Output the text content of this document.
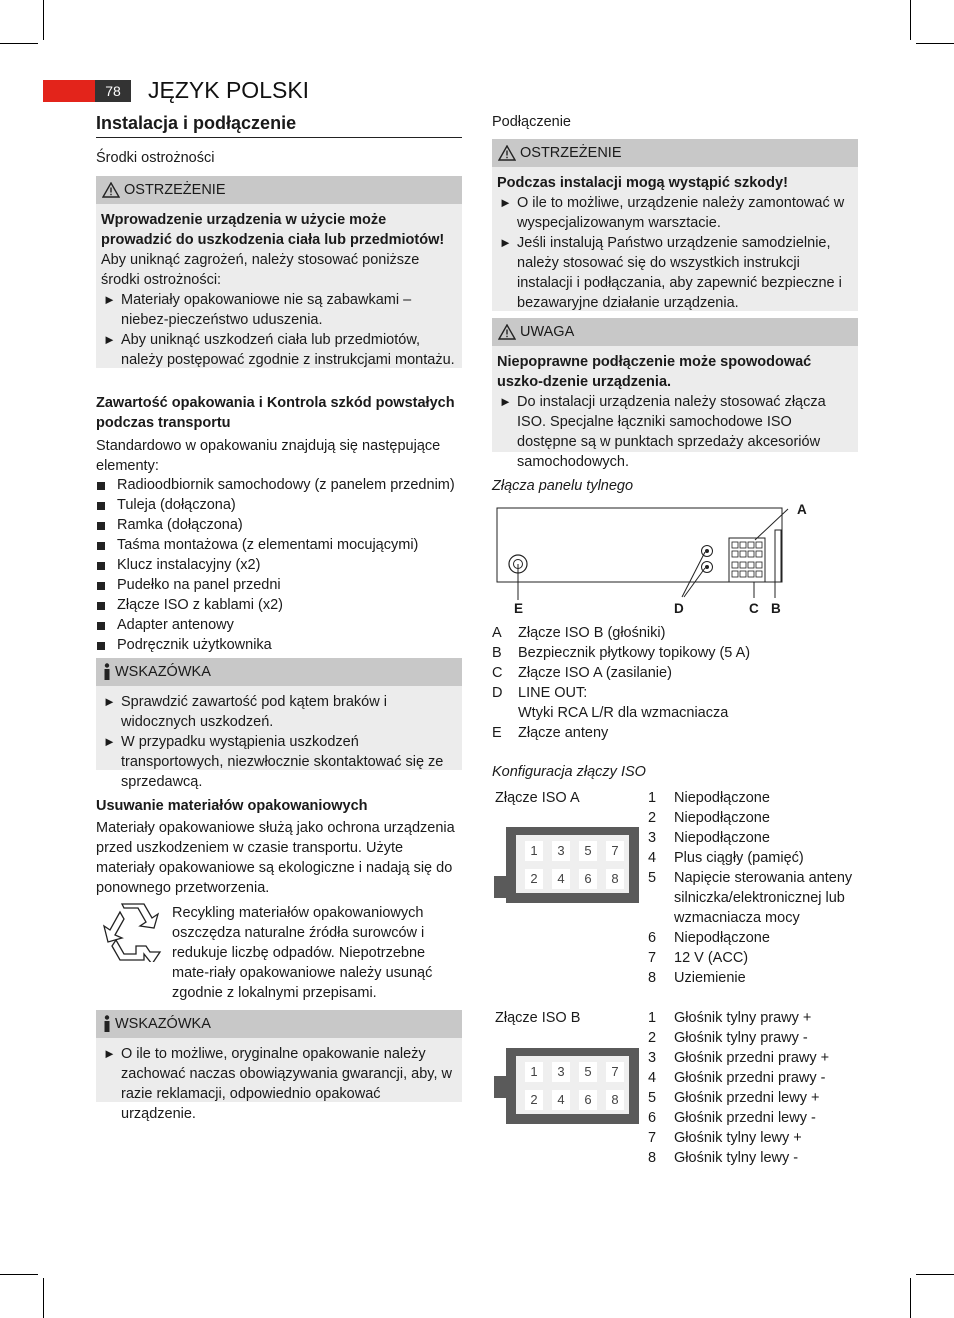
78	JĘZYK POLSKI
Instalacja i podłączenie
Środki ostrożności
OSTRZEŻENIE
Wprowadzenie urządzenia w użycie może prowadzić do uszkodzenia ciała lub przedmiotów!
Aby uniknąć zagrożeń, należy stosować poniższe środki ostrożności:
► Materiały opakowaniowe nie są zabawkami – niebez-pieczeństwo uduszenia.
► Aby uniknąć uszkodzeń ciała lub przedmiotów, należy postępować zgodnie z instrukcjami montażu.
Zawartość opakowania i Kontrola szkód powstałych podczas transportu
Standardowo w opakowaniu znajdują się następujące elementy:
Radioodbiornik samochodowy (z panelem przednim)
Tuleja (dołączona)
Ramka (dołączona)
Taśma montażowa (z elementami mocującymi)
Klucz instalacyjny (x2)
Pudełko na panel przedni
Złącze ISO z kablami (x2)
Adapter antenowy
Podręcznik użytkownika
WSKAZÓWKA
► Sprawdzić zawartość pod kątem braków i widocznych uszkodzeń.
► W przypadku wystąpienia uszkodzeń transportowych, niezwłocznie skontaktować się ze sprzedawcą.
Usuwanie materiałów opakowaniowych
Materiały opakowaniowe służą jako ochrona urządzenia przed uszkodzeniem w czasie transportu. Użyte materiały opakowaniowe są ekologiczne i nadają się do ponownego przetworzenia.
Recykling materiałów opakowaniowych oszczędza naturalne źródła surowców i redukuje liczbę odpadów. Niepotrzebne mate-riały opakowaniowe należy usunąć zgodnie z lokalnymi przepisami.
WSKAZÓWKA
► O ile to możliwe, oryginalne opakowanie należy zachować naczas obowiązywania gwarancji, aby, w razie reklamacji, odpowiednio opakować urządzenie.
Podłączenie
OSTRZEŻENIE
Podczas instalacji mogą wystąpić szkody!
► O ile to możliwe, urządzenie należy zamontować w wyspecjalizowanym warsztacie.
► Jeśli instalują Państwo urządzenie samodzielnie, należy stosować się do wszystkich instrukcji instalacji i podłączania, aby zapewnić bezpieczne i bezawaryjne działanie urządzenia.
UWAGA
Niepoprawne podłączenie może spowodować uszko-dzenie urządzenia.
► Do instalacji urządzenia należy stosować złącza ISO. Specjalne łączniki samochodowe ISO dostępne są w punktach sprzedaży akcesoriów samochodowych.
Złącza panelu tylnego
A
E	D	C B
A	Złącze ISO B (głośniki)
B	Bezpiecznik płytkowy topikowy (5 A)
C	Złącze ISO A (zasilanie)
D	LINE OUT:
Wtyki RCA L/R dla wzmacniacza
E	Złącze anteny
Konfiguracja złączy ISO
Złącze ISO A
1	3	5	7
2	4	6	8
1	Niepodłączone
2	Niepodłączone
3	Niepodłączone
4	Plus ciągły (pamięć)
5	Napięcie sterowania anteny silniczka/elektronicznej lub wzmacniacza mocy
6	Niepodłączone
7	12 V (ACC)
8	Uziemienie
Złącze ISO B
1	3	5	7
2	4	6	8
1	Głośnik tylny prawy +
2	Głośnik tylny prawy -
3	Głośnik przedni prawy +
4	Głośnik przedni prawy -
5	Głośnik przedni lewy +
6	Głośnik przedni lewy -
7	Głośnik tylny lewy +
8	Głośnik tylny lewy -
